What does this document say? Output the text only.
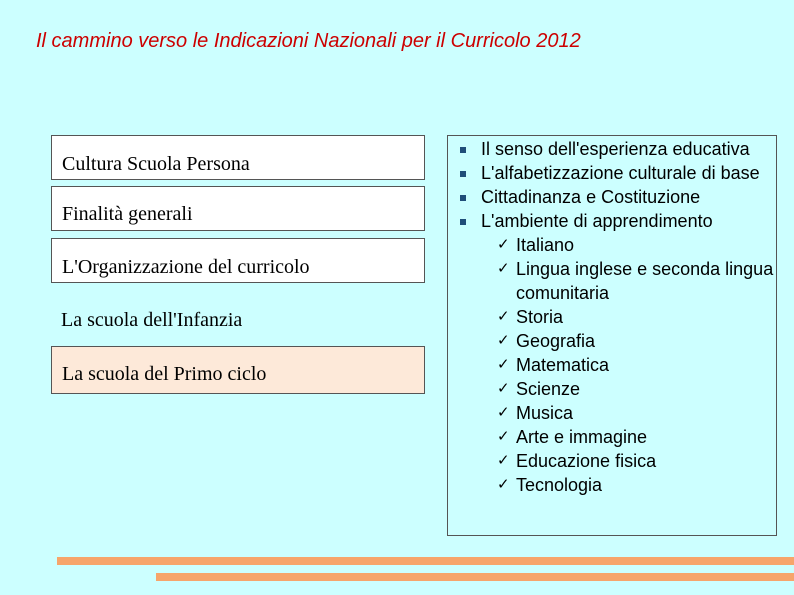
Il cammino verso le Indicazioni Nazionali per il Curricolo 2012
Cultura Scuola Persona
Finalità generali
L'Organizzazione del curricolo
La scuola dell'Infanzia
La scuola del Primo ciclo
Il senso dell'esperienza educativa
L'alfabetizzazione culturale di base
Cittadinanza e Costituzione
L'ambiente di apprendimento
✓ Italiano
✓ Lingua inglese e seconda lingua comunitaria
✓ Storia
✓ Geografia
✓ Matematica
✓ Scienze
✓ Musica
✓ Arte e immagine
✓ Educazione fisica
✓ Tecnologia
